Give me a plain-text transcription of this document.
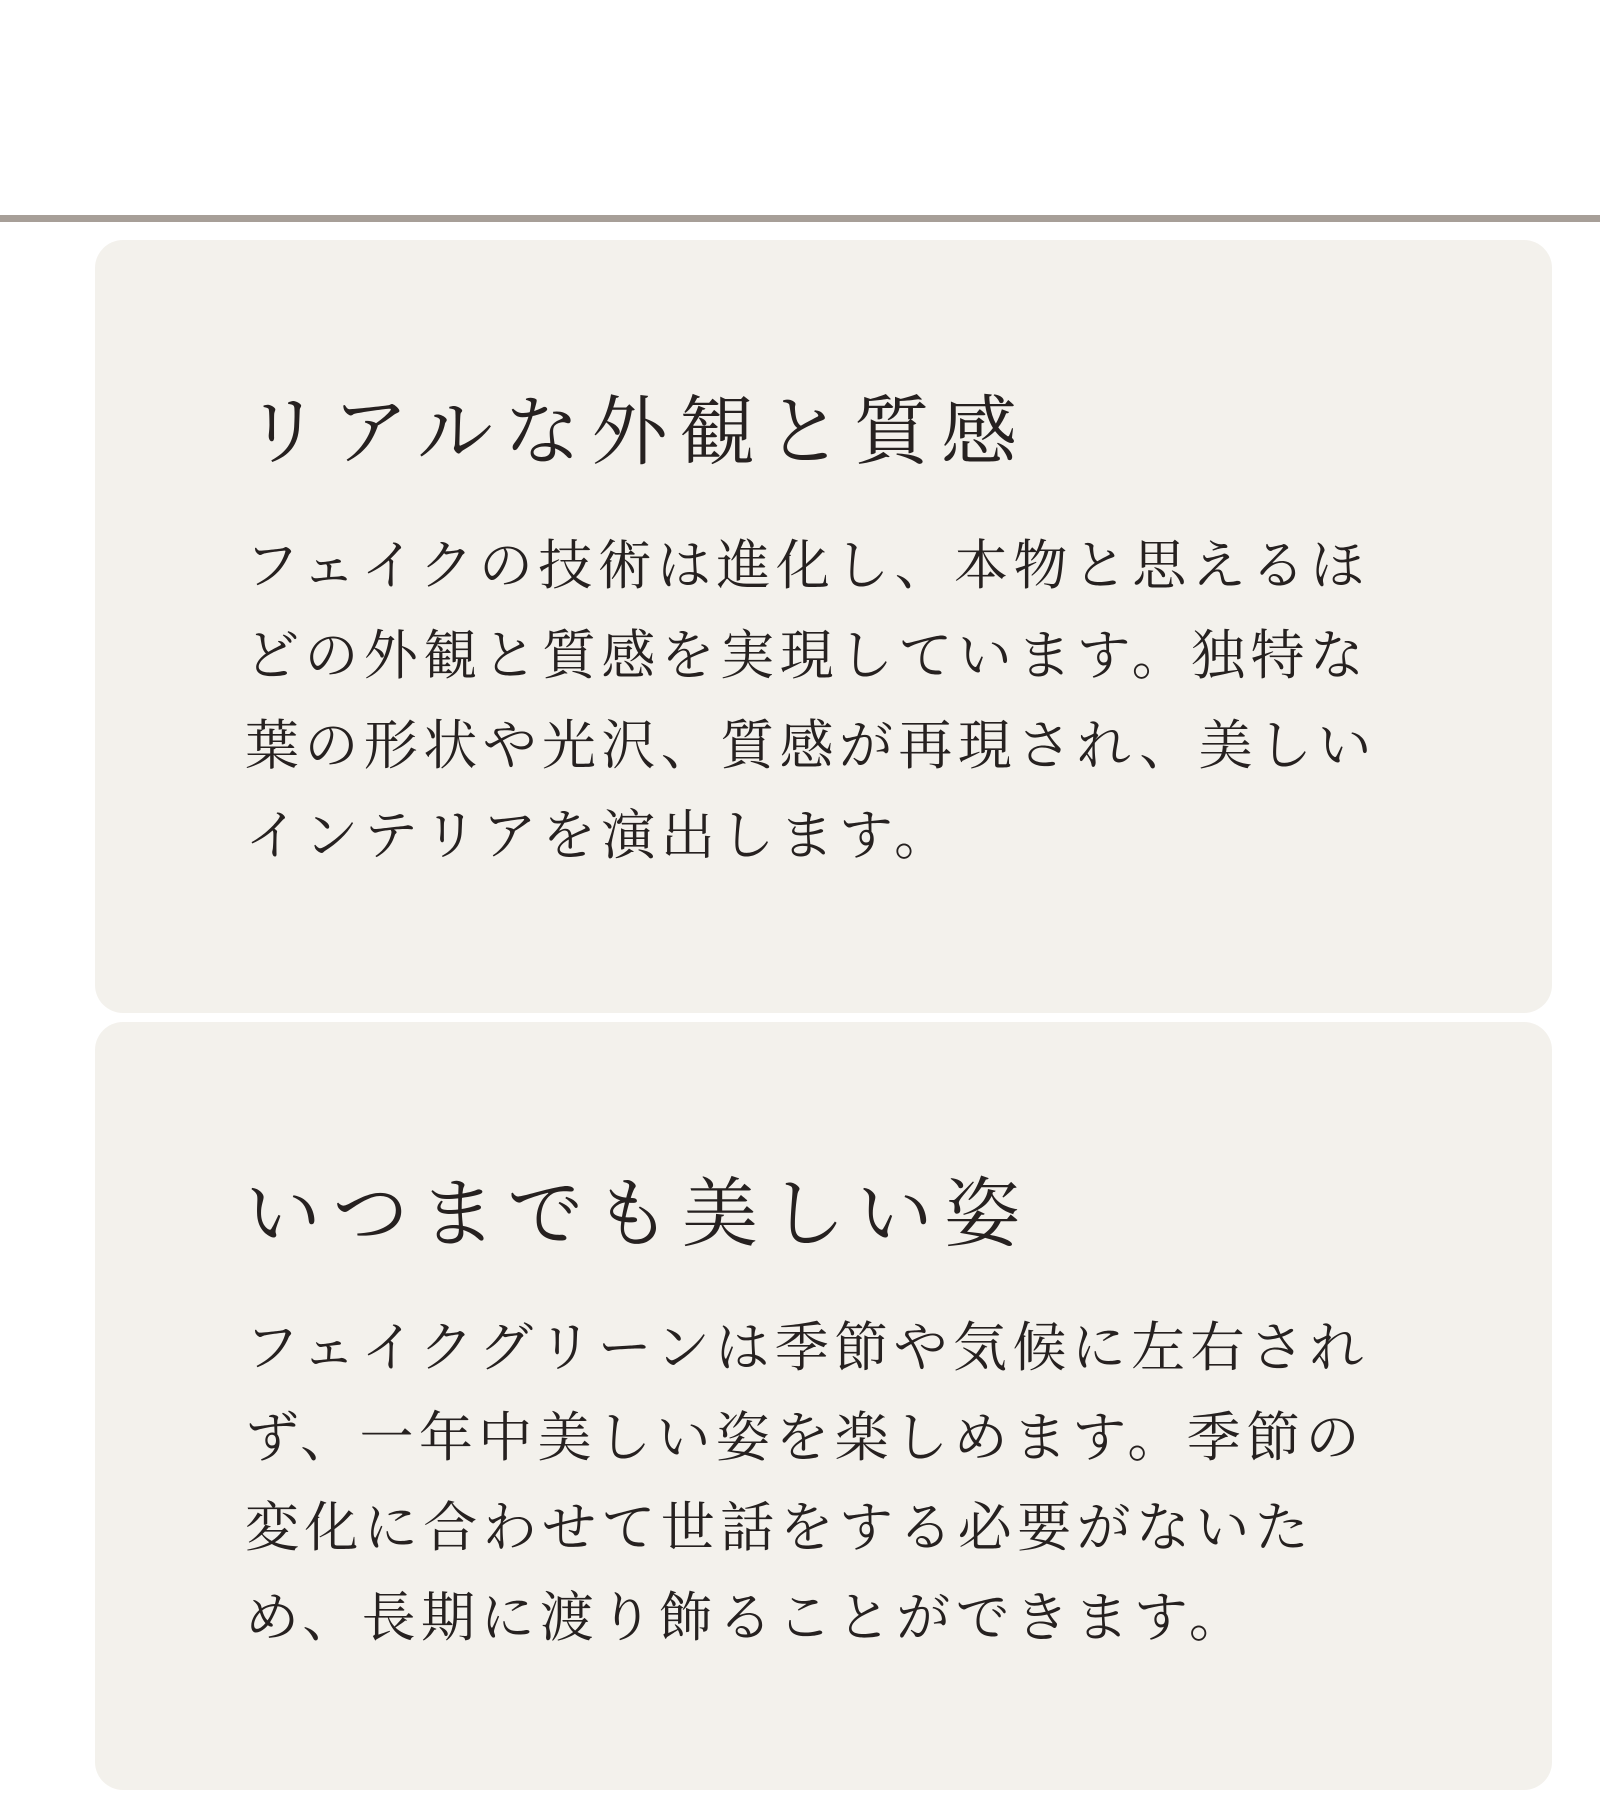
リアルな外観と質感
フェイクの技術は進化し、本物と思えるほ
どの外観と質感を実現しています。独特な
葉の形状や光沢、質感が再現され、美しい
インテリアを演出します。
いつまでも美しい姿
フェイクグリーンは季節や気候に左右され
ず、一年中美しい姿を楽しめます。季節の
変化に合わせて世話をする必要がないた
め、長期に渡り飾ることができます。
